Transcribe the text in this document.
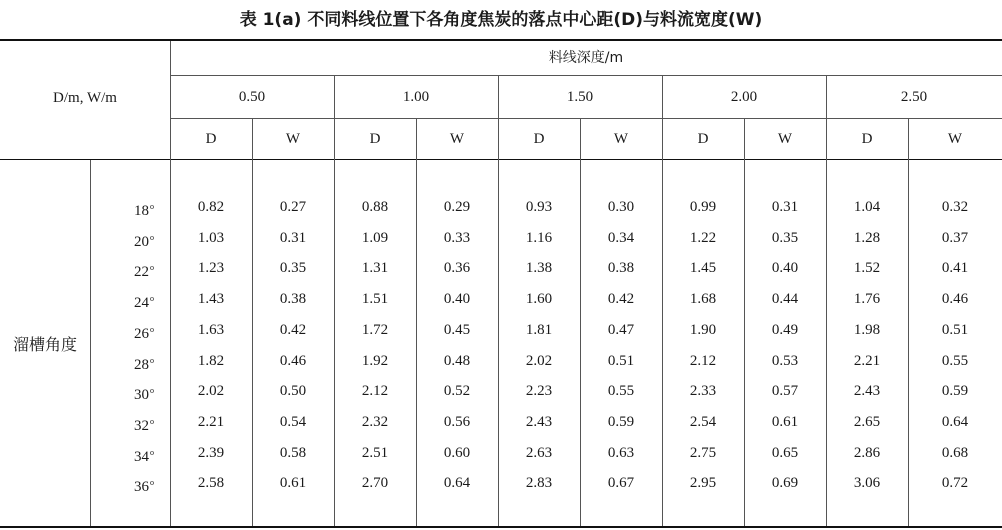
表 1(a) 不同料线位置下各角度焦炭的落点中心距(D)与料流宽度(W)
D/m, W/m
料线深度/m
0.50	1.00	1.50	2.00	2.50
D	W	D	W	D	W	D	W	D	W
溜槽角度
18$^o$	0.82	0.27	0.88	0.29	0.93	0.30	0.99	0.31	1.04	0.32
20$^o$	1.03	0.31	1.09	0.33	1.16	0.34	1.22	0.35	1.28	0.37
22$^o$	1.23	0.35	1.31	0.36	1.38	0.38	1.45	0.40	1.52	0.41
24$^o$	1.43	0.38	1.51	0.40	1.60	0.42	1.68	0.44	1.76	0.46
26$^o$	1.63	0.42	1.72	0.45	1.81	0.47	1.90	0.49	1.98	0.51
28$^o$	1.82	0.46	1.92	0.48	2.02	0.51	2.12	0.53	2.21	0.55
30$^o$	2.02	0.50	2.12	0.52	2.23	0.55	2.33	0.57	2.43	0.59
32$^o$	2.21	0.54	2.32	0.56	2.43	0.59	2.54	0.61	2.65	0.64
34$^o$	2.39	0.58	2.51	0.60	2.63	0.63	2.75	0.65	2.86	0.68
36$^o$	2.58	0.61	2.70	0.64	2.83	0.67	2.95	0.69	3.06	0.72
